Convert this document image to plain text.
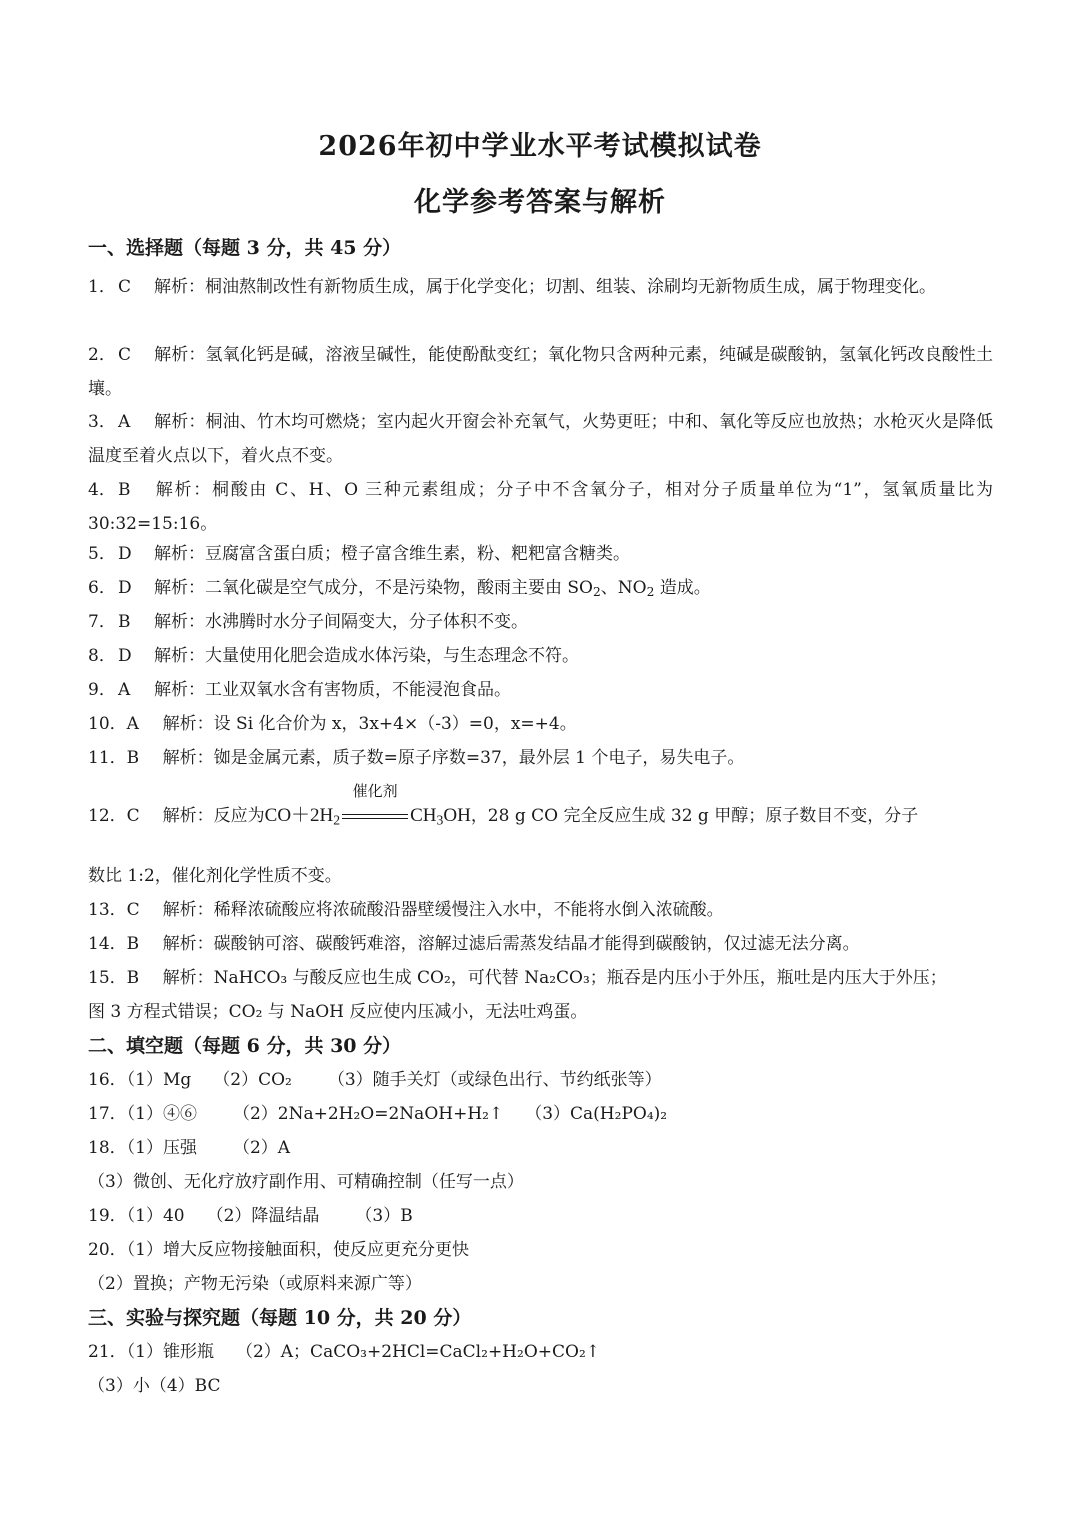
2026年初中学业水平考试模拟试卷
化学参考答案与解析
一、选择题（每题 3 分，共 45 分）
1． C 解析：桐油熬制改性有新物质生成，属于化学变化；切割、组装、涂刷均无新物质生成，属于物理变化。
2． C 解析：氢氧化钙是碱，溶液呈碱性，能使酚酞变红；氧化物只含两种元素，纯碱是碳酸钠，氢氧化钙改良酸性土壤。
3． A 解析：桐油、竹木均可燃烧；室内起火开窗会补充氧气，火势更旺；中和、氧化等反应也放热；水枪灭火是降低温度至着火点以下，着火点不变。
4． B 解析：桐酸由 C、H、O 三种元素组成；分子中不含氧分子，相对分子质量单位为“1”，氢氧质量比为30:32=15:16。
5． D 解析：豆腐富含蛋白质；橙子富含维生素，粉、粑粑富含糖类。
6． D 解析：二氧化碳是空气成分，不是污染物，酸雨主要由 $SO_2$、$NO_2$ 造成。
7． B 解析：水沸腾时水分子间隔变大，分子体积不变。
8． D 解析：大量使用化肥会造成水体污染，与生态理念不符。
9． A 解析：工业双氧水含有害物质，不能浸泡食品。
10．A 解析：设 Si 化合价为 x，3x+4×（-3）=0，x=+4。
11．B 解析：铷是金属元素，质子数=原子序数=37，最外层 1 个电子，易失电子。
12．C 解析：反应为$CO+2H_2$
催化剂
$CH_3OH$，28 g CO 完全反应生成 32 g 甲醇；原子数目不变，分子
数比 1:2，催化剂化学性质不变。
13．C 解析：稀释浓硫酸应将浓硫酸沿器壁缓慢注入水中，不能将水倒入浓硫酸。
14．B 解析：碳酸钠可溶、碳酸钙难溶，溶解过滤后需蒸发结晶才能得到碳酸钠，仅过滤无法分离。
15．B 解析：NaHCO₃ 与酸反应也生成 CO₂，可代替 Na₂CO₃；瓶吞是内压小于外压，瓶吐是内压大于外压；
图 3 方程式错误；CO₂ 与 NaOH 反应使内压减小，无法吐鸡蛋。
二、填空题（每题 6 分，共 30 分）
16．（1）Mg （2）CO₂ （3）随手关灯（或绿色出行、节约纸张等）
17．（1）④⑥ （2）2Na+2H₂O=2NaOH+H₂↑ （3）Ca(H₂PO₄)₂
18．（1）压强 （2）A
（3）微创、无化疗放疗副作用、可精确控制（任写一点）
19．（1）40 （2）降温结晶 （3）B
20．（1）增大反应物接触面积，使反应更充分更快
（2）置换；产物无污染（或原料来源广等）
三、实验与探究题（每题 10 分，共 20 分）
21．（1）锥形瓶 （2）A；CaCO₃+2HCl=CaCl₂+H₂O+CO₂↑
（3）小（4）BC
